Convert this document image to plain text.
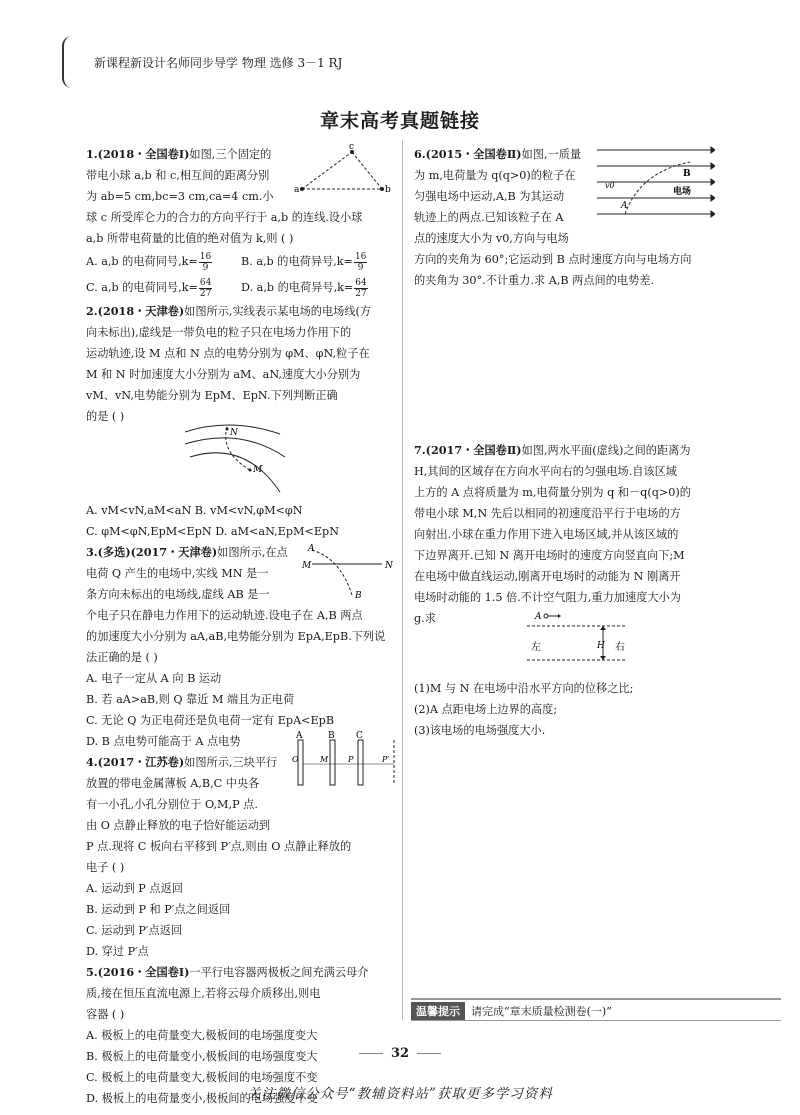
新课程新设计名师同步导学 物理 选修 3－1 RJ
章末高考真题链接
1.(2018・全国卷Ⅰ)如图,三个固定的
带电小球 a,b 和 c,相互间的距离分别
为 ab=5 cm,bc=3 cm,ca=4 cm.小
球 c 所受库仑力的合力的方向平行于 a,b 的连线.设小球
a,b 所带电荷量的比值的绝对值为 k,则 ( )
A. a,b 的电荷同号$,k= \frac{16}{9}$	B. a,b 的电荷异号$,k= \frac{16}{9}$
C. a,b 的电荷同号$,k= \frac{64}{27}$	D. a,b 的电荷异号$,k= \frac{64}{27}$
2.(2018・天津卷)如图所示,实线表示某电场的电场线(方
向未标出),虚线是一带负电的粒子只在电场力作用下的
运动轨迹,设 M 点和 N 点的电势分别为 φM、φN,粒子在
M 和 N 时加速度大小分别为 aM、aN,速度大小分别为
vM、vN,电势能分别为 EpM、EpN.下列判断正确
的是 ( )
a	b
c
N
M
A. vM<vN,aM<aN B. vM<vN,φM<φN
C. φM<φN,EpM<EpN D. aM<aN,EpM<EpN
3.(多选)(2017・天津卷)如图所示,在点
电荷 Q 产生的电场中,实线 MN 是一
条方向未标出的电场线,虚线 AB 是一
个电子只在静电力作用下的运动轨迹.设电子在 A,B 两点
的加速度大小分别为 aA,aB,电势能分别为 EpA,EpB.下列说
法正确的是 ( )
A. 电子一定从 A 向 B 运动
B. 若 aA>aB,则 Q 靠近 M 端且为正电荷
C. 无论 Q 为正电荷还是负电荷一定有 EpA<EpB
D. B 点电势可能高于 A 点电势
4.(2017・江苏卷)如图所示,三块平行
放置的带电金属薄板 A,B,C 中央各
有一小孔,小孔分别位于 O,M,P 点.
由 O 点静止释放的电子恰好能运动到
P 点.现将 C 板向右平移到 P′点,则由 O 点静止释放的
电子 ( )
A. 运动到 P 点返回
B. 运动到 P 和 P′点之间返回
C. 运动到 P′点返回
D. 穿过 P′点
5.(2016・全国卷Ⅰ)一平行电容器两极板之间充满云母介
质,接在恒压直流电源上,若将云母介质移出,则电
容器 ( )
A. 极板上的电荷量变大,极板间的电场强度变大
B. 极板上的电荷量变小,极板间的电场强度变大
C. 极板上的电荷量变大,极板间的电场强度不变
D. 极板上的电荷量变小,极板间的电场强度不变
A
B
M	N
A	B C
O	M P	P′
6.(2015・全国卷Ⅱ)如图,一质量
为 m,电荷量为 q(q>0)的粒子在
匀强电场中运动,A,B 为其运动
轨迹上的两点.已知该粒子在 A
点的速度大小为 v0,方向与电场
方向的夹角为 60°;它运动到 B 点时速度方向与电场方向
的夹角为 30°.不计重力.求 A,B 两点间的电势差.
B
v0
A
电场
7.(2017・全国卷Ⅱ)如图,两水平面(虚线)之间的距离为
H,其间的区域存在方向水平向右的匀强电场.自该区域
上方的 A 点将质量为 m,电荷量分别为 q 和－q(q>0)的
带电小球 M,N 先后以相同的初速度沿平行于电场的方
向射出.小球在重力作用下进入电场区域,并从该区域的
下边界离开.已知 N 离开电场时的速度方向竖直向下;M
在电场中做直线运动,刚离开电场时的动能为 N 刚离开
电场时动能的 1.5 倍.不计空气阻力,重力加速度大小为
g.求	A
左	H 右
(1)M 与 N 在电场中沿水平方向的位移之比;
(2)A 点距电场上边界的高度;
(3)该电场的电场强度大小.
温馨提示 请完成“章末质量检测卷(一)”
32
关注微信公众号“教辅资料站”获取更多学习资料
